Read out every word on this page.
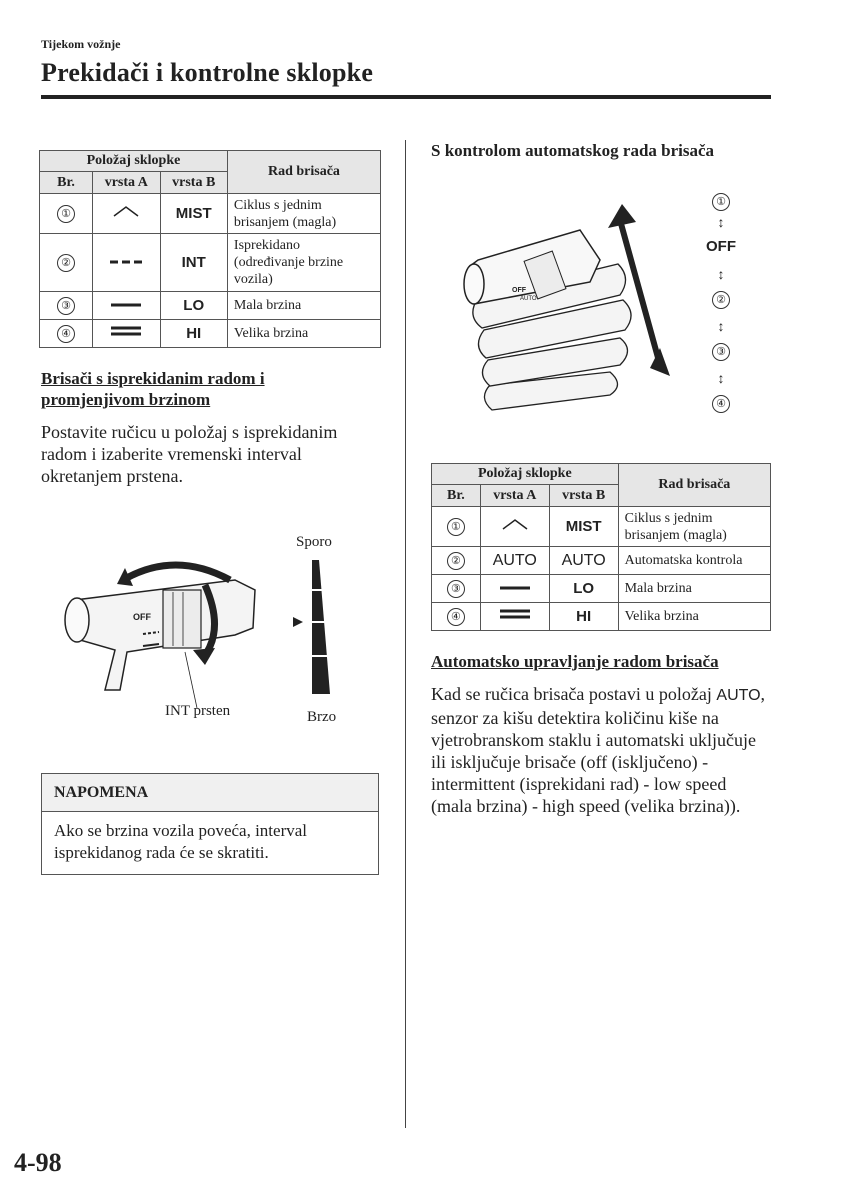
Tijekom vožnje
Prekidači i kontrolne sklopke
Položaj sklopke			Rad brisača
Br.	vrsta A	vrsta B	
①		MIST	Ciklus s jednim brisanjem (magla)
②		INT	Isprekidano (određivanje brzine vozila)
③		LO	Mala brzina
④		HI	Velika brzina
Brisači s isprekidanim radom i
promjenjivom brzinom
Postavite ručicu u položaj s isprekidanim radom i izaberite vremenski interval okretanjem prstena.
OFF
INT prsten
Sporo
Brzo
NAPOMENA
Ako se brzina vozila poveća, interval isprekidanog rada će se skratiti.
S kontrolom automatskog rada brisača
OFF
AUTO
①
↕
OFF
↕
②
↕
③
↕
④
Položaj sklopke			Rad brisača
Br.	vrsta A	vrsta B	
①		MIST	Ciklus s jednim brisanjem (magla)
②	AUTO	AUTO	Automatska kontrola
③		LO	Mala brzina
④		HI	Velika brzina
Automatsko upravljanje radom brisača
Kad se ručica brisača postavi u položaj AUTO, senzor za kišu detektira količinu kiše na vjetrobranskom staklu i automatski uključuje ili isključuje brisače (off (isključeno) - intermittent (isprekidani rad) - low speed (mala brzina) - high speed (velika brzina)).
4-98
